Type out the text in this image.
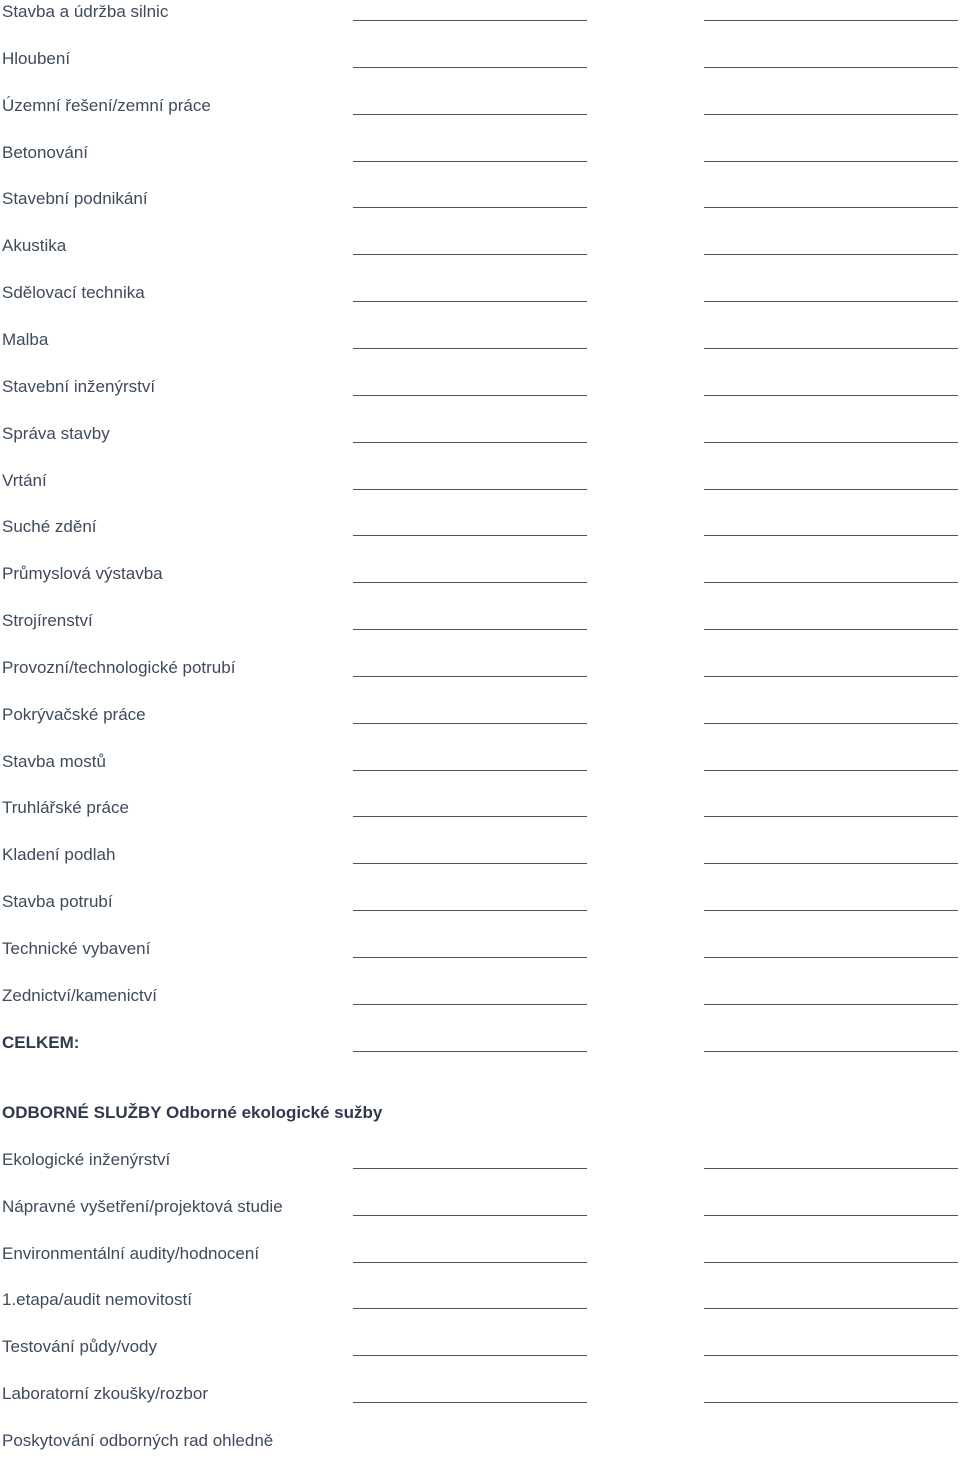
Stavba a údržba silnic
Hloubení
Územní řešení/zemní práce
Betonování
Stavební podnikání
Akustika
Sdělovací technika
Malba
Stavební inženýrství
Správa stavby
Vrtání
Suché zdění
Průmyslová výstavba
Strojírenství
Provozní/technologické potrubí
Pokrývačské práce
Stavba mostů
Truhlářské práce
Kladení podlah
Stavba potrubí
Technické vybavení
Zednictví/kamenictví
CELKEM:
ODBORNÉ SLUŽBY Odborné ekologické sužby
Ekologické inženýrství
Nápravné vyšetření/projektová studie
Environmentální audity/hodnocení
1.etapa/audit nemovitostí
Testování půdy/vody
Laboratorní zkoušky/rozbor
Poskytování odborných rad ohledně
